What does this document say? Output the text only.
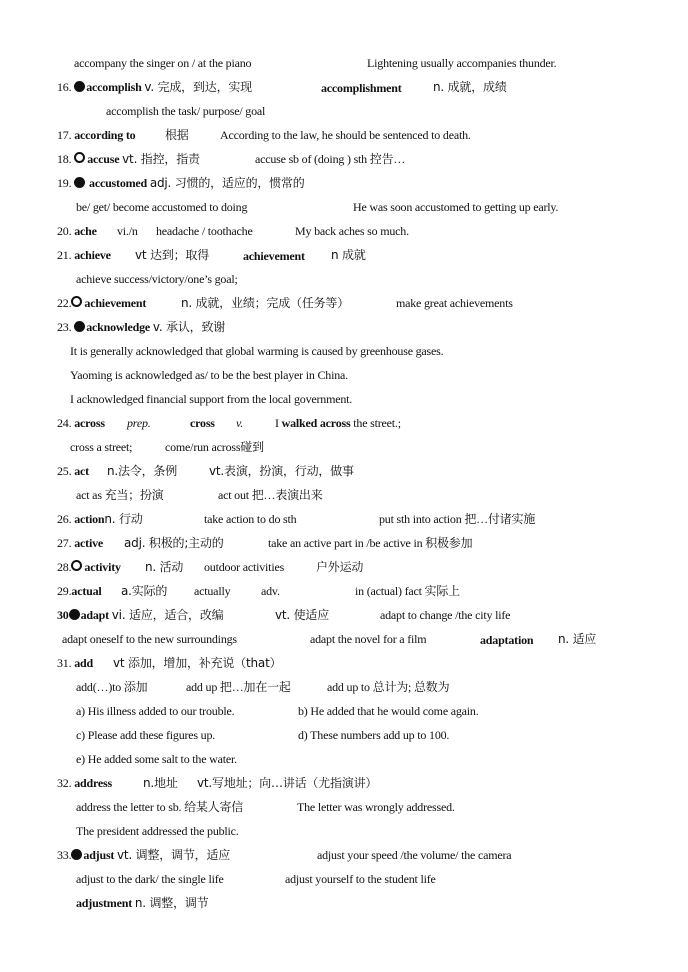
accompany the singer on / at the piano	Lightening usually accompanies thunder.
16. accomplish v. 完成，到达，实现	accomplishment	n. 成就，成绩
accomplish the task/ purpose/ goal
17. according to 根据	According to the law, he should be sentenced to death.
18. accuse vt. 指控，指责	accuse sb of (doing ) sth 控告…
19. accustomed adj. 习惯的，适应的，惯常的
be/ get/ become accustomed to doing	He was soon accustomed to getting up early.
20. ache vi./n headache / toothache	My back aches so much.
21. achieve vt 达到；取得	achievement n 成就
achieve success/victory/one’s goal;
22. achievement	n. 成就，业绩；完成（任务等）	make great achievements
23. acknowledge v. 承认，致谢
It is generally acknowledged that global warming is caused by greenhouse gases.
Yaoming is acknowledged as/ to be the best player in China.
I acknowledged financial support from the local government.
24. across prep.	cross v.	I walked across the street.;
cross a street;	come/run across碰到
25. act n.法令，条例	vt.表演，扮演，行动，做事
act as 充当；扮演	act out 把…表演出来
26. actionn. 行动	take action to do sth	put sth into action 把…付诸实施
27. active adj. 积极的;主动的	take an active part in /be active in 积极参加
28. activity n. 活动 outdoor activities	户外运动
29.actual a.实际的 actually	adv.	in (actual) fact 实际上
30 adapt vi. 适应，适合，改编	vt. 使适应	adapt to change /the city life
adapt oneself to the new surroundings	adapt the novel for a film	adaptation n. 适应
31. add vt 添加，增加，补充说（that）
add(…)to 添加	add up 把…加在一起	add up to 总计为; 总数为
a) His illness added to our trouble.	b) He added that he would come again.
c) Please add these figures up.	d) These numbers add up to 100.
e) He added some salt to the water.
32. address	n.地址 vt.写地址；向…讲话（尤指演讲）
address the letter to sb. 给某人寄信	The letter was wrongly addressed.
The president addressed the public.
33. adjust vt. 调整，调节，适应	adjust your speed /the volume/ the camera
adjust to the dark/ the single life	adjust yourself to the student life
adjustment n. 调整，调节
